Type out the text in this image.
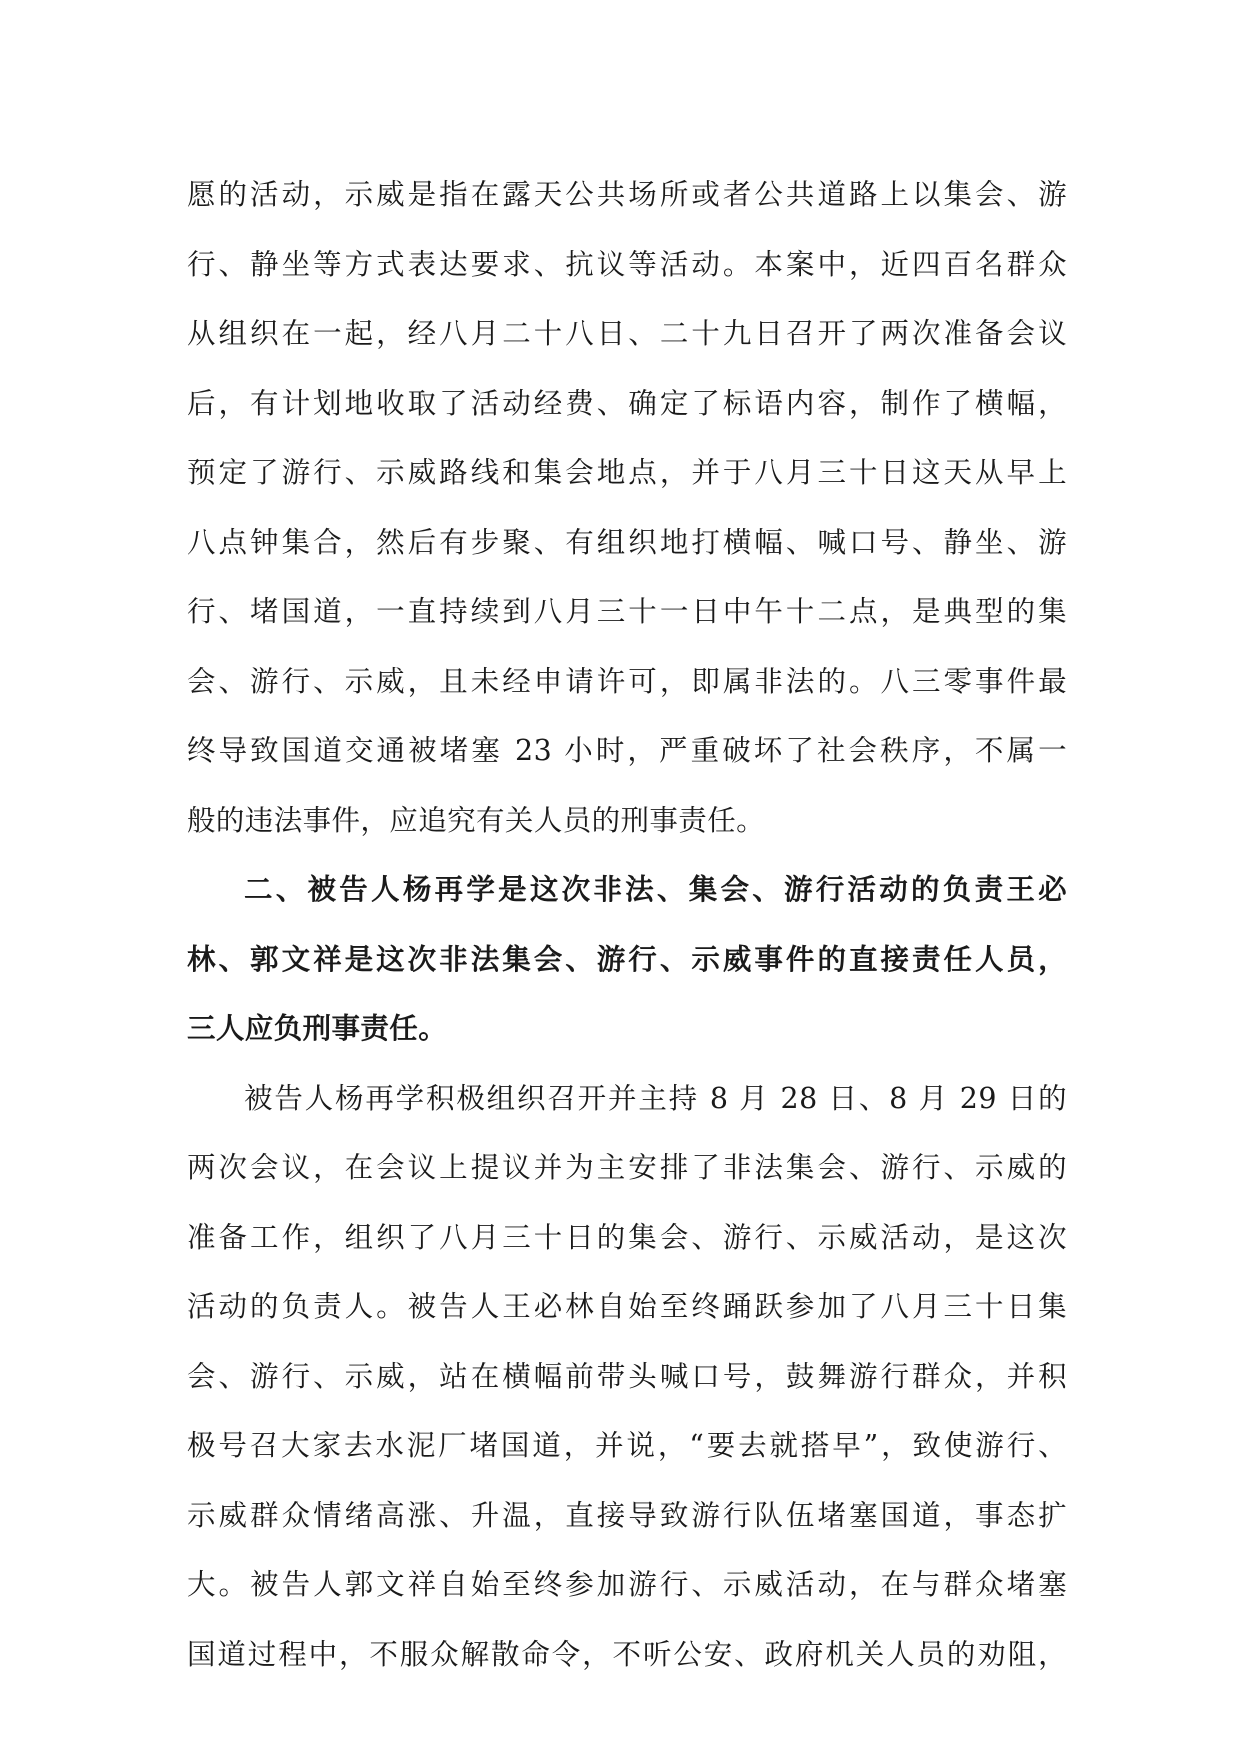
愿的活动，示威是指在露天公共场所或者公共道路上以集会、游
行、静坐等方式表达要求、抗议等活动。本案中，近四百名群众
从组织在一起，经八月二十八日、二十九日召开了两次准备会议
后，有计划地收取了活动经费、确定了标语内容，制作了横幅，
预定了游行、示威路线和集会地点，并于八月三十日这天从早上
八点钟集合，然后有步聚、有组织地打横幅、喊口号、静坐、游
行、堵国道，一直持续到八月三十一日中午十二点，是典型的集
会、游行、示威，且未经申请许可，即属非法的。八三零事件最
终导致国道交通被堵塞 23 小时，严重破坏了社会秩序，不属一
般的违法事件，应追究有关人员的刑事责任。
二、被告人杨再学是这次非法、集会、游行活动的负责王必
林、郭文祥是这次非法集会、游行、示威事件的直接责任人员，
三人应负刑事责任。
被告人杨再学积极组织召开并主持 8 月 28 日、8 月 29 日的
两次会议，在会议上提议并为主安排了非法集会、游行、示威的
准备工作，组织了八月三十日的集会、游行、示威活动，是这次
活动的负责人。被告人王必林自始至终踊跃参加了八月三十日集
会、游行、示威，站在横幅前带头喊口号，鼓舞游行群众，并积
极号召大家去水泥厂堵国道，并说，“要去就搭早”，致使游行、
示威群众情绪高涨、升温，直接导致游行队伍堵塞国道，事态扩
大。被告人郭文祥自始至终参加游行、示威活动，在与群众堵塞
国道过程中，不服众解散命令，不听公安、政府机关人员的劝阻，
